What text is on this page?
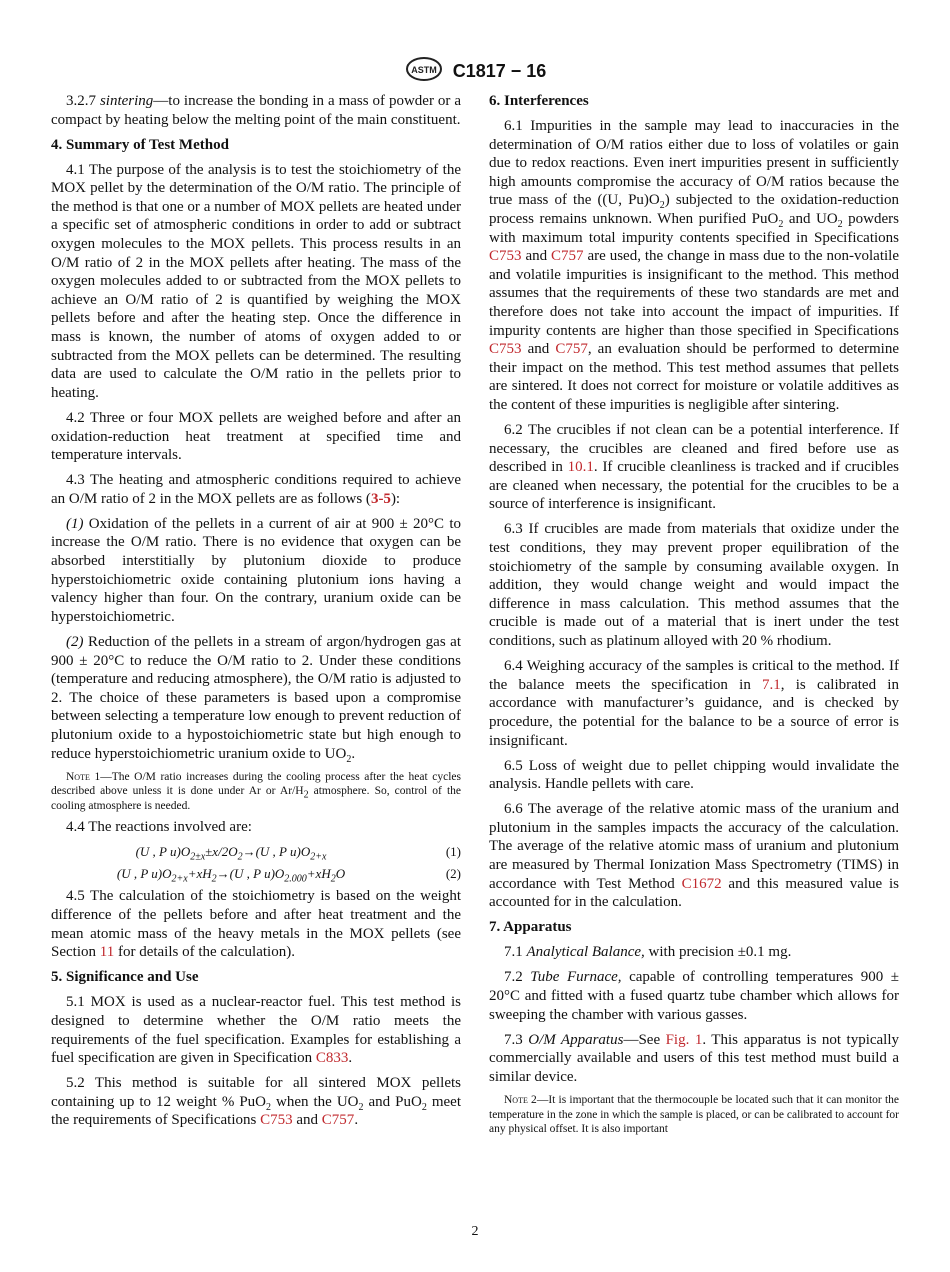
ASTM C1817 − 16

3.2.7 sintering—to increase the bonding in a mass of powder or a compact by heating below the melting point of the main constituent.

4. Summary of Test Method

4.1 The purpose of the analysis is to test the stoichiometry of the MOX pellet by the determination of the O/M ratio. The principle of the method is that one or a number of MOX pellets are heated under a specific set of atmospheric conditions in order to add or subtract oxygen molecules to the MOX pellets. This process results in an O/M ratio of 2 in the MOX pellets after heating. The mass of the oxygen molecules added to or subtracted from the MOX pellets to achieve an O/M ratio of 2 is quantified by weighing the MOX pellets before and after the heating step. Once the difference in mass is known, the number of atoms of oxygen added to or subtracted from the MOX pellets can be determined. The resulting data are used to calculate the O/M ratio in the pellets prior to heating.

4.2 Three or four MOX pellets are weighed before and after an oxidation-reduction heat treatment at specified time and temperature intervals.

4.3 The heating and atmospheric conditions required to achieve an O/M ratio of 2 in the MOX pellets are as follows (3-5):

(1) Oxidation of the pellets in a current of air at 900 ± 20°C to increase the O/M ratio. There is no evidence that oxygen can be absorbed interstitially by plutonium dioxide to produce hyperstoichiometric oxide containing plutonium ions having a valency higher than four. On the contrary, uranium oxide can be hyperstoichiometric.

(2) Reduction of the pellets in a stream of argon/hydrogen gas at 900 ± 20°C to reduce the O/M ratio to 2. Under these conditions (temperature and reducing atmosphere), the O/M ratio is adjusted to 2. The choice of these parameters is based upon a compromise between selecting a temperature low enough to prevent reduction of plutonium oxide to a hypostoichiometric state but high enough to reduce hyperstoichiometric uranium oxide to $UO_2$.

Note 1—The O/M ratio increases during the cooling process after the heat cycles described above unless it is done under Ar or $Ar/H_2$ atmosphere. So, control of the cooling atmosphere is needed.

4.4 The reactions involved are:

(U , P $u)O_{2\pm x}\pm x/2O_2\to(U$ , P $u)O_{2+x}$	(1)
(U , P $u)O_{2+x}+xH_2\to(U$ , P $u)O_{2.000}+xH_2O$	(2)

4.5 The calculation of the stoichiometry is based on the weight difference of the pellets before and after heat treatment and the mean atomic mass of the heavy metals in the MOX pellets (see Section 11 for details of the calculation).

5. Significance and Use

5.1 MOX is used as a nuclear-reactor fuel. This test method is designed to determine whether the O/M ratio meets the requirements of the fuel specification. Examples for establishing a fuel specification are given in Specification C833.

5.2 This method is suitable for all sintered MOX pellets containing up to 12 weight % PuO$_2$ when the $UO_2$ and PuO$_2$ meet the requirements of Specifications C753 and C757.

6. Interferences

6.1 Impurities in the sample may lead to inaccuracies in the determination of O/M ratios either due to loss of volatiles or gain due to redox reactions. Even inert impurities present in sufficiently high amounts compromise the accuracy of O/M ratios because the true mass of the ((U, $Pu)O_2$) subjected to the oxidation-reduction process remains unknown. When purified PuO$_2$ and $UO_2$ powders with maximum total impurity contents specified in Specifications C753 and C757 are used, the change in mass due to the non-volatile and volatile impurities is insignificant to the method. This method assumes that the requirements of these two standards are met and therefore does not take into account the impact of impurities. If impurity contents are higher than those specified in Specifications C753 and C757, an evaluation should be performed to determine their impact on the method. This test method assumes that pellets are sintered. It does not correct for moisture or volatile additives as the content of these impurities is negligible after sintering.

6.2 The crucibles if not clean can be a potential interference. If necessary, the crucibles are cleaned and fired before use as described in 10.1. If crucible cleanliness is tracked and if crucibles are cleaned when necessary, the potential for the crucibles to be a source of interference is insignificant.

6.3 If crucibles are made from materials that oxidize under the test conditions, they may prevent proper equilibration of the stoichiometry of the sample by consuming available oxygen. In addition, they would change weight and would impact the difference in mass calculation. This method assumes that the crucible is made out of a material that is inert under the test conditions, such as platinum alloyed with 20 % rhodium.

6.4 Weighing accuracy of the samples is critical to the method. If the balance meets the specification in 7.1, is calibrated in accordance with manufacturer’s guidance, and is checked by procedure, the potential for the balance to be a source of error is insignificant.

6.5 Loss of weight due to pellet chipping would invalidate the analysis. Handle pellets with care.

6.6 The average of the relative atomic mass of the uranium and plutonium in the samples impacts the accuracy of the calculation. The average of the relative atomic mass of uranium and plutonium are measured by Thermal Ionization Mass Spectrometry (TIMS) in accordance with Test Method C1672 and this measured value is accounted for in the calculation.

7. Apparatus

7.1 Analytical Balance, with precision ±0.1 mg.

7.2 Tube Furnace, capable of controlling temperatures 900 ± 20°C and fitted with a fused quartz tube chamber which allows for sweeping the chamber with various gasses.

7.3 O/M Apparatus—See Fig. 1. This apparatus is not typically commercially available and users of this test method must build a similar device.

Note 2—It is important that the thermocouple be located such that it can monitor the temperature in the zone in which the sample is placed, or can be calibrated to account for any physical offset. It is also important

2
